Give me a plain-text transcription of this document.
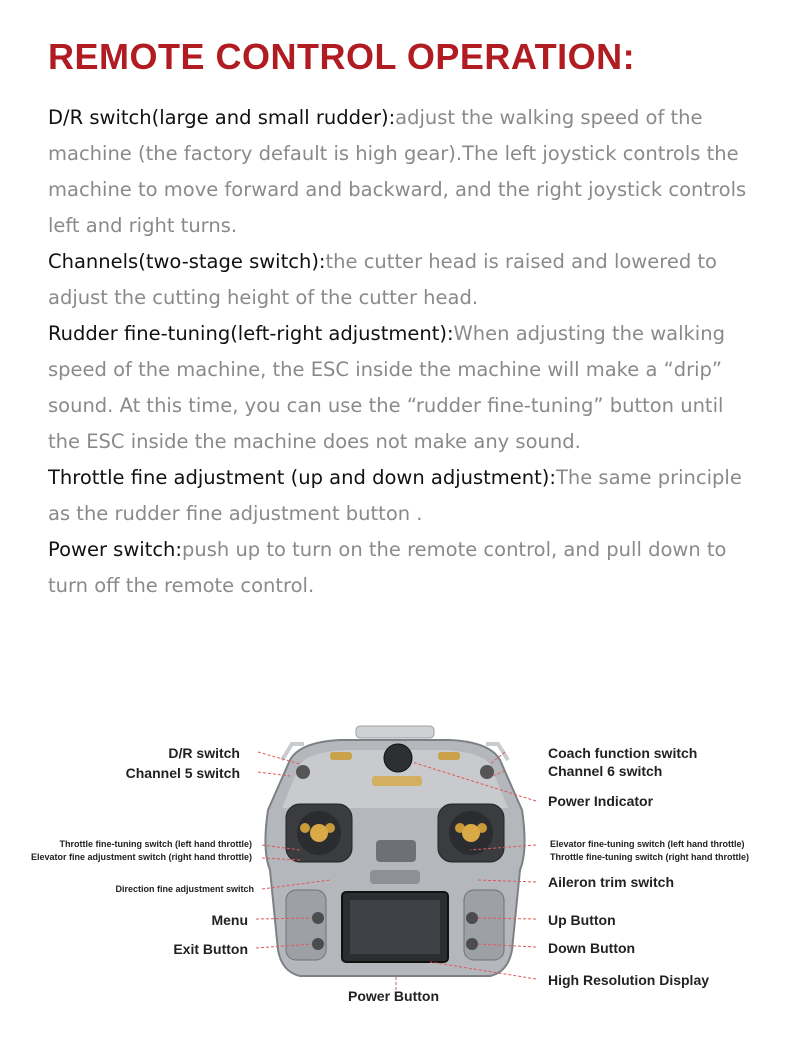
REMOTE CONTROL OPERATION:

D/R switch(large and small rudder):adjust the walking speed of the machine (the factory default is high gear).The left joystick controls the machine to move forward and backward, and the right joystick controls left and right turns.

Channels(two-stage switch):the cutter head is raised and lowered to adjust the cutting height of the cutter head.

Rudder fine-tuning(left-right adjustment):When adjusting the walking speed of the machine, the ESC inside the machine will make a “drip” sound. At this time, you can use the “rudder fine-tuning” button until the ESC inside the machine does not make any sound.

Throttle fine adjustment (up and down adjustment):The same principle as the rudder fine adjustment button .

Power switch:push up to turn on the remote control, and pull down to turn off the remote control.

D/R switch
Channel 5 switch
Throttle fine-tuning switch (left hand throttle)
Elevator fine adjustment switch (right hand throttle)
Direction fine adjustment switch
Menu
Exit Button
Coach function switch
Channel 6 switch
Power Indicator
Elevator fine-tuning switch (left hand throttle)
Throttle fine-tuning switch (right hand throttle)
Aileron trim switch
Up Button
Down Button
High Resolution Display
Power Button
